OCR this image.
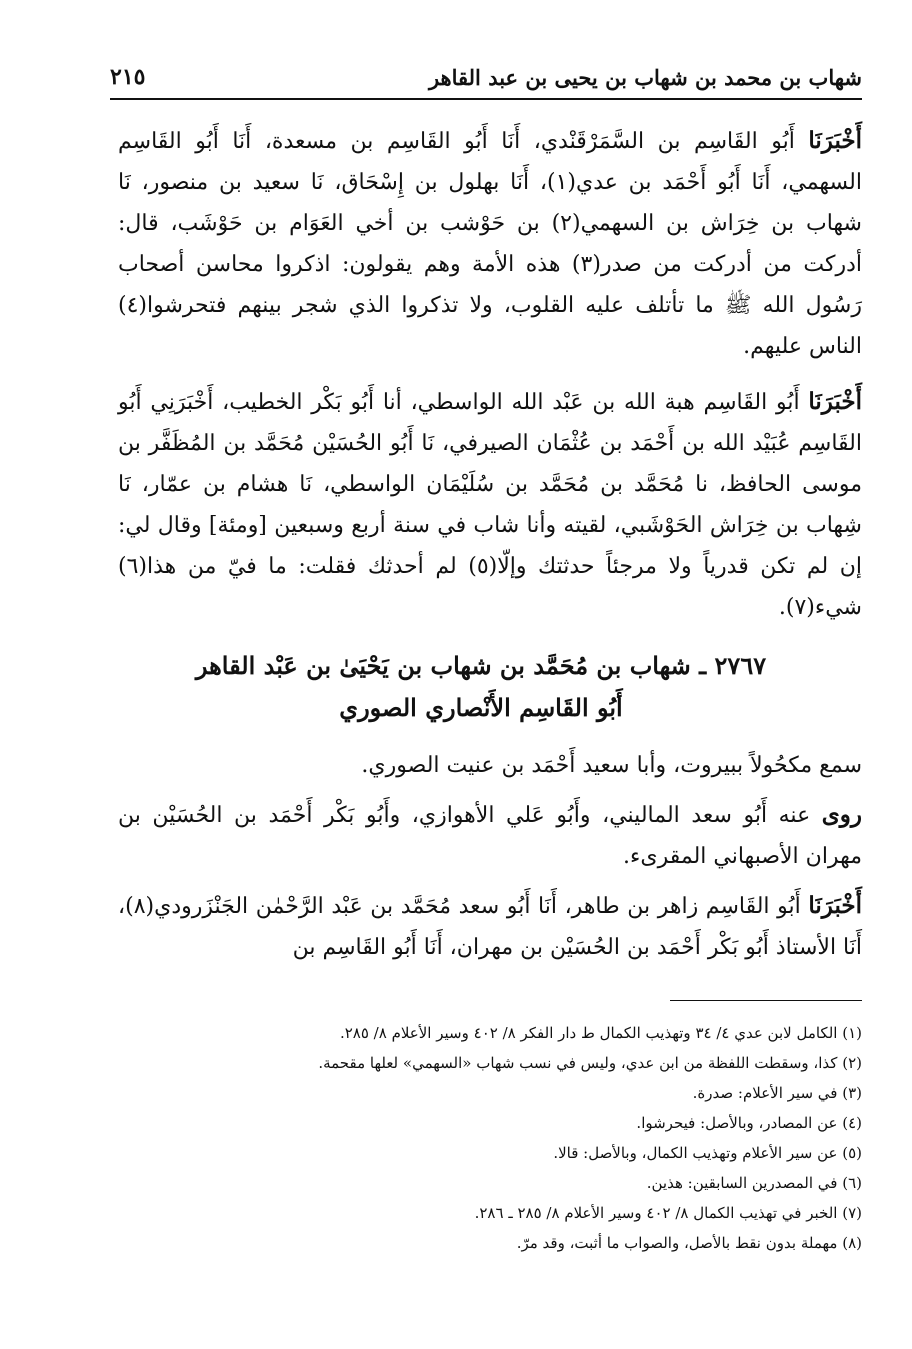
شهاب بن محمد بن شهاب بن يحيى بن عبد القاهر
٢١٥

أَخْبَرَنَا أَبُو القَاسِم بن السَّمَرْقَنْدي، أَنَا أَبُو القَاسِم بن مسعدة، أَنَا أَبُو القَاسِم السهمي، أَنَا أَبُو أَحْمَد بن عدي(١)، أَنَا بهلول بن إِسْحَاق، نَا سعيد بن منصور، نَا شهاب بن خِرَاش بن السهمي(٢) بن حَوْشب بن أخي العَوَام بن حَوْشَب، قال: أدركت من أدركت من صدر(٣) هذه الأمة وهم يقولون: اذكروا محاسن أصحاب رَسُول الله ﷺ ما تأتلف عليه القلوب، ولا تذكروا الذي شجر بينهم فتحرشوا(٤) الناس عليهم.

أَخْبَرَنَا أَبُو القَاسِم هبة الله بن عَبْد الله الواسطي، أنا أَبُو بَكْر الخطيب، أَخْبَرَنِي أَبُو القَاسِم عُبَيْد الله بن أَحْمَد بن عُثْمَان الصيرفي، نَا أَبُو الحُسَيْن مُحَمَّد بن المُظَفَّر بن موسى الحافظ، نا مُحَمَّد بن مُحَمَّد بن سُلَيْمَان الواسطي، نَا هشام بن عمّار، نَا شِهاب بن خِرَاش الحَوْشَبي، لقيته وأنا شاب في سنة أربع وسبعين [ومئة] وقال لي: إن لم تكن قدرياً ولا مرجئاً حدثتك وإلّا(٥) لم أحدثك فقلت: ما فيّ من هذا(٦) شيء(٧).

٢٧٦٧ ـ شهاب بن مُحَمَّد بن شهاب بن يَحْيَىٰ بن عَبْد القاهر
أَبُو القَاسِم الأَنْصاري الصوري

سمع مكحُولاً ببيروت، وأبا سعيد أَحْمَد بن عنيت الصوري.

روى عنه أَبُو سعد الماليني، وأَبُو عَلي الأهوازي، وأَبُو بَكْر أَحْمَد بن الحُسَيْن بن مهران الأصبهاني المقرىء.

أَخْبَرَنَا أَبُو القَاسِم زاهر بن طاهر، أَنَا أَبُو سعد مُحَمَّد بن عَبْد الرَّحْمٰن الجَنْزَرودي(٨)، أَنَا الأستاذ أَبُو بَكْر أَحْمَد بن الحُسَيْن بن مهران، أَنَا أَبُو القَاسِم بن

(١) الكامل لابن عدي ٤/ ٣٤ وتهذيب الكمال ط دار الفكر ٨/ ٤٠٢ وسير الأعلام ٨/ ٢٨٥.
(٢) كذا، وسقطت اللفظة من ابن عدي، وليس في نسب شهاب «السهمي» لعلها مقحمة.
(٣) في سير الأعلام: صدرة.
(٤) عن المصادر، وبالأصل: فيحرشوا.
(٥) عن سير الأعلام وتهذيب الكمال، وبالأصل: قالا.
(٦) في المصدرين السابقين: هذين.
(٧) الخبر في تهذيب الكمال ٨/ ٤٠٢ وسير الأعلام ٨/ ٢٨٥ ـ ٢٨٦.
(٨) مهملة بدون نقط بالأصل، والصواب ما أثبت، وقد مرّ.
